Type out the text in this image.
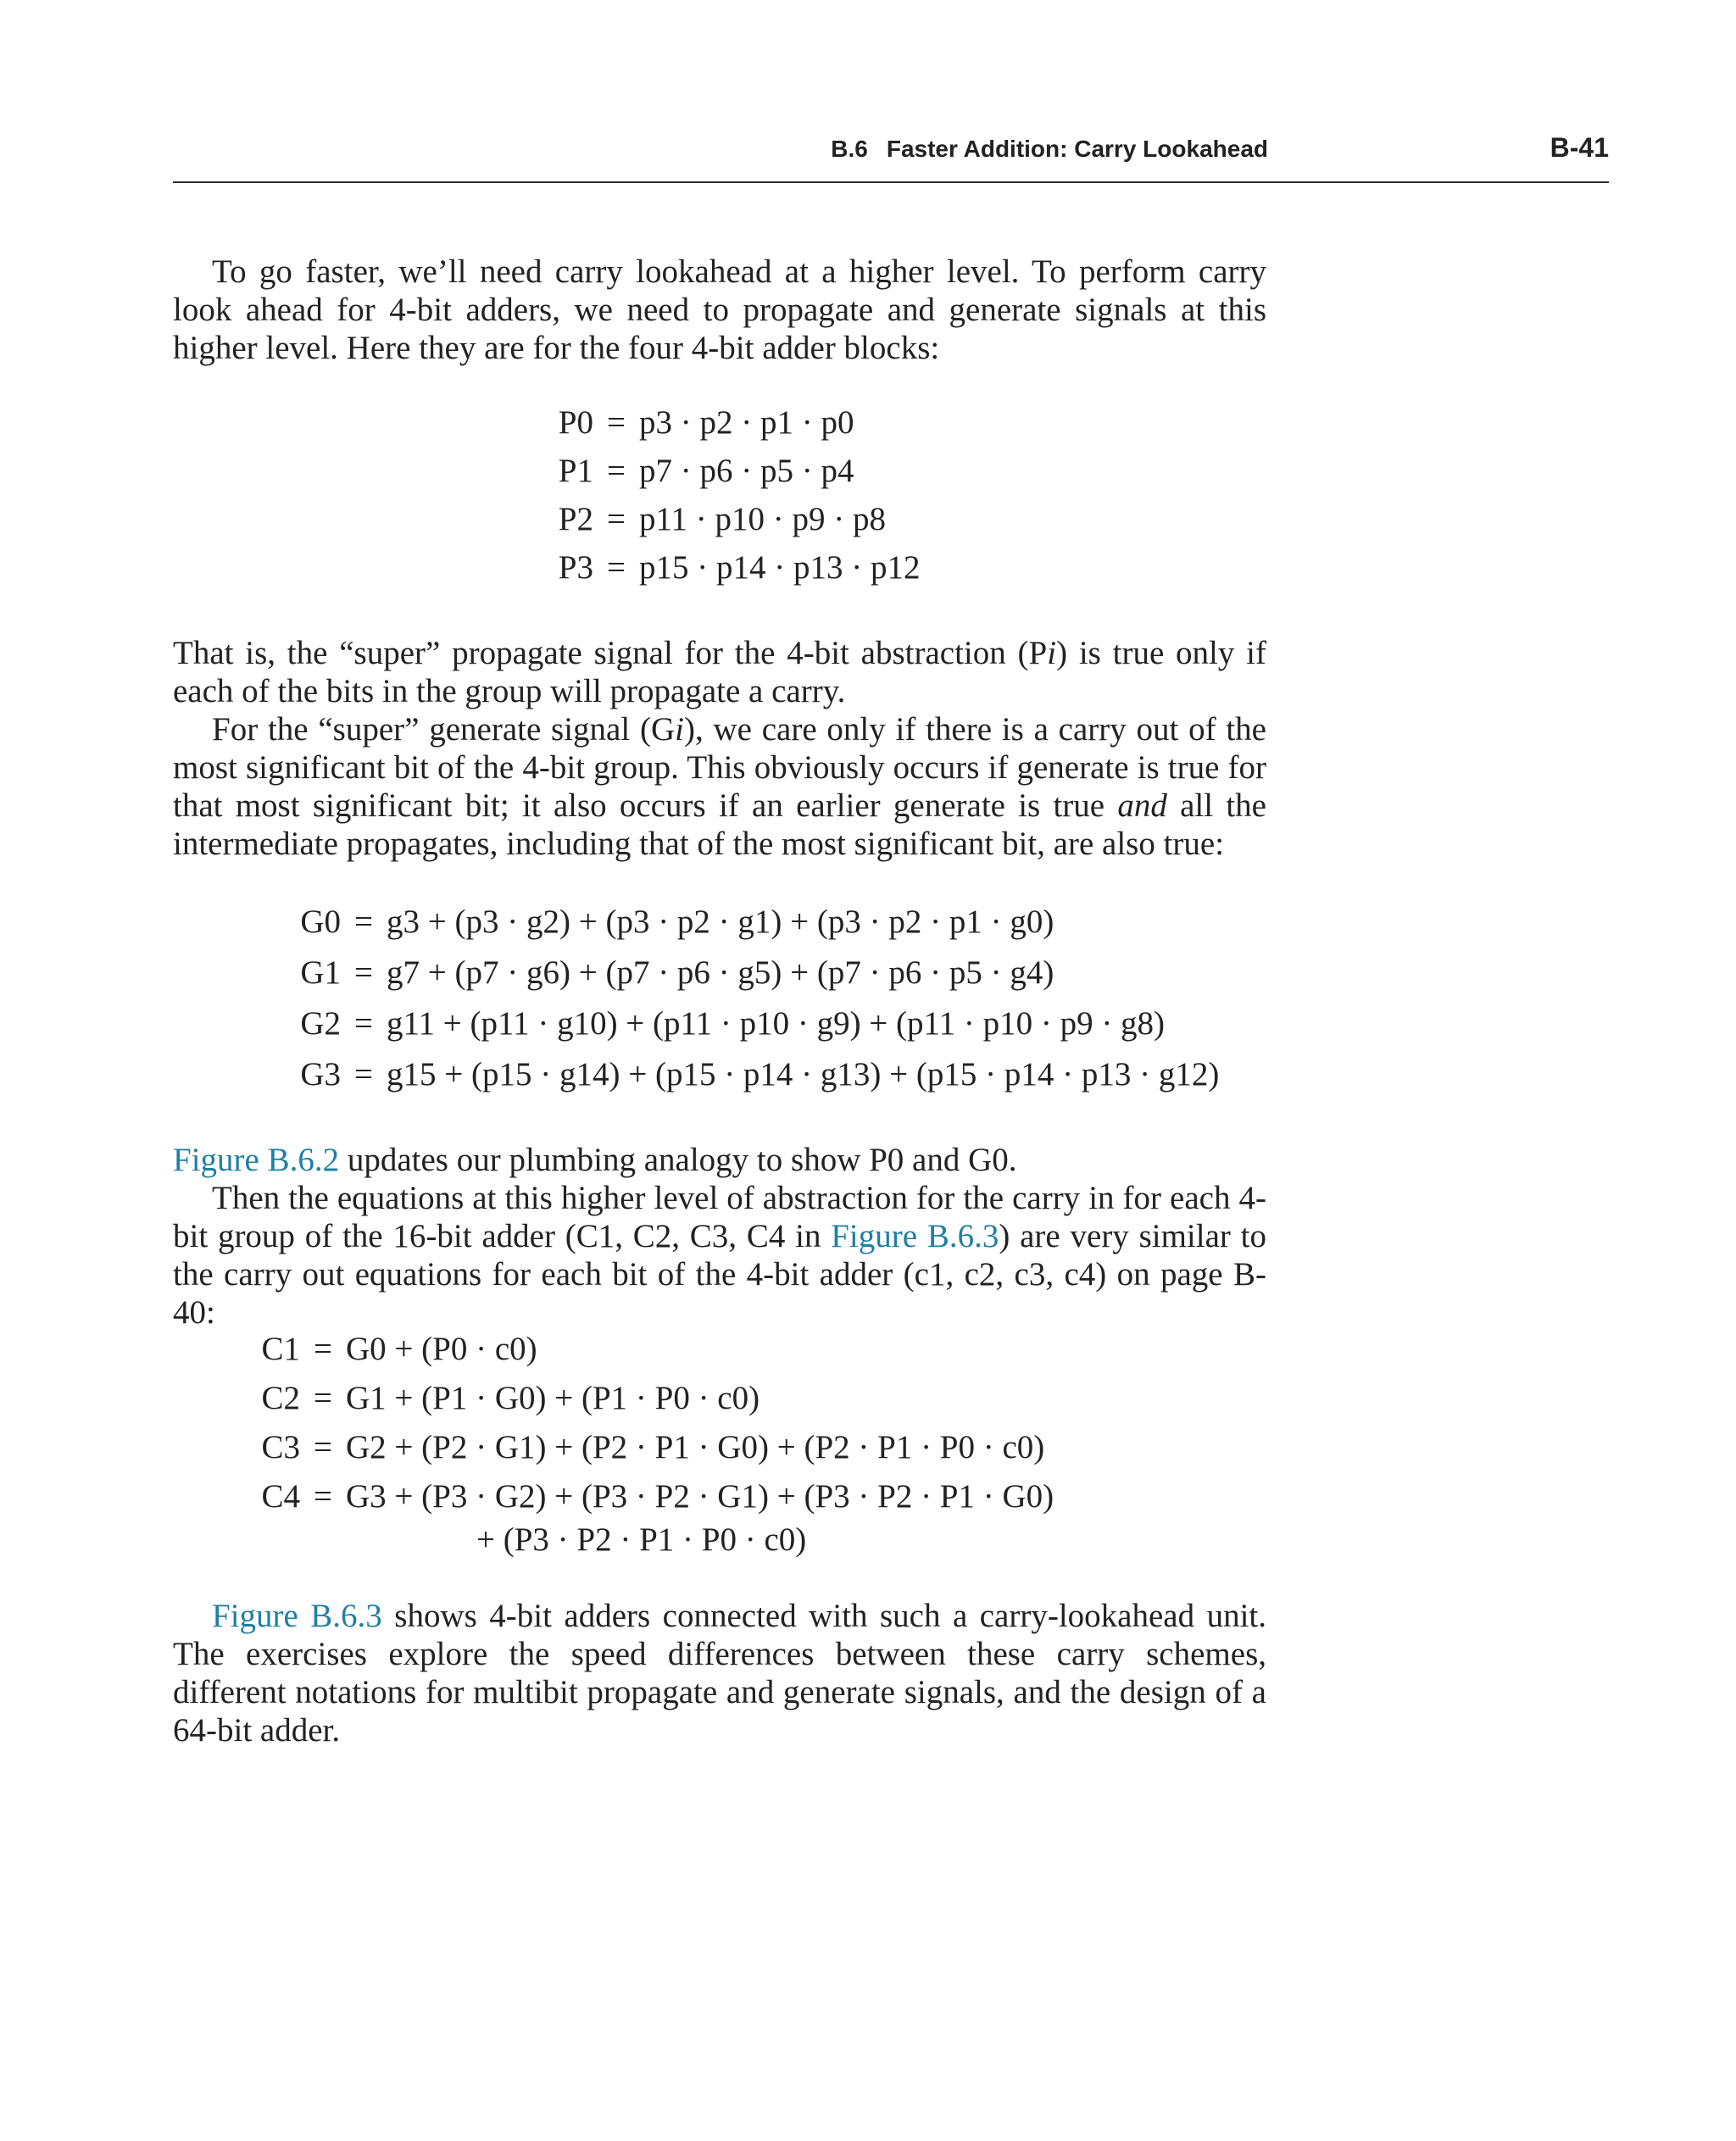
B.6 Faster Addition: Carry Lookahead	B-41

To go faster, we’ll need carry lookahead at a higher level. To perform carry look ahead for 4-bit adders, we need to propagate and generate signals at this higher level. Here they are for the four 4-bit adder blocks:

P0 = p3 · p2 · p1 · p0
P1 = p7 · p6 · p5 · p4
P2 = p11 · p10 · p9 · p8
P3 = p15 · p14 · p13 · p12

That is, the “super” propagate signal for the 4-bit abstraction (Pi) is true only if each of the bits in the group will propagate a carry.

For the “super” generate signal (Gi), we care only if there is a carry out of the most significant bit of the 4-bit group. This obviously occurs if generate is true for that most significant bit; it also occurs if an earlier generate is true and all the intermediate propagates, including that of the most significant bit, are also true:

G0 = g3 + (p3 · g2) + (p3 · p2 · g1) + (p3 · p2 · p1 · g0)
G1 = g7 + (p7 · g6) + (p7 · p6 · g5) + (p7 · p6 · p5 · g4)
G2 = g11 + (p11 · g10) + (p11 · p10 · g9) + (p11 · p10 · p9 · g8)
G3 = g15 + (p15 · g14) + (p15 · p14 · g13) + (p15 · p14 · p13 · g12)

Figure B.6.2 updates our plumbing analogy to show P0 and G0.

Then the equations at this higher level of abstraction for the carry in for each 4-bit group of the 16-bit adder (C1, C2, C3, C4 in Figure B.6.3) are very similar to the carry out equations for each bit of the 4-bit adder (c1, c2, c3, c4) on page B-40:

C1 = G0 + (P0 · c0)
C2 = G1 + (P1 · G0) + (P1 · P0 · c0)
C3 = G2 + (P2 · G1) + (P2 · P1 · G0) + (P2 · P1 · P0 · c0)
C4 = G3 + (P3 · G2) + (P3 · P2 · G1) + (P3 · P2 · P1 · G0)
+ (P3 · P2 · P1 · P0 · c0)

Figure B.6.3 shows 4-bit adders connected with such a carry-lookahead unit. The exercises explore the speed differences between these carry schemes, different notations for multibit propagate and generate signals, and the design of a 64-bit adder.
